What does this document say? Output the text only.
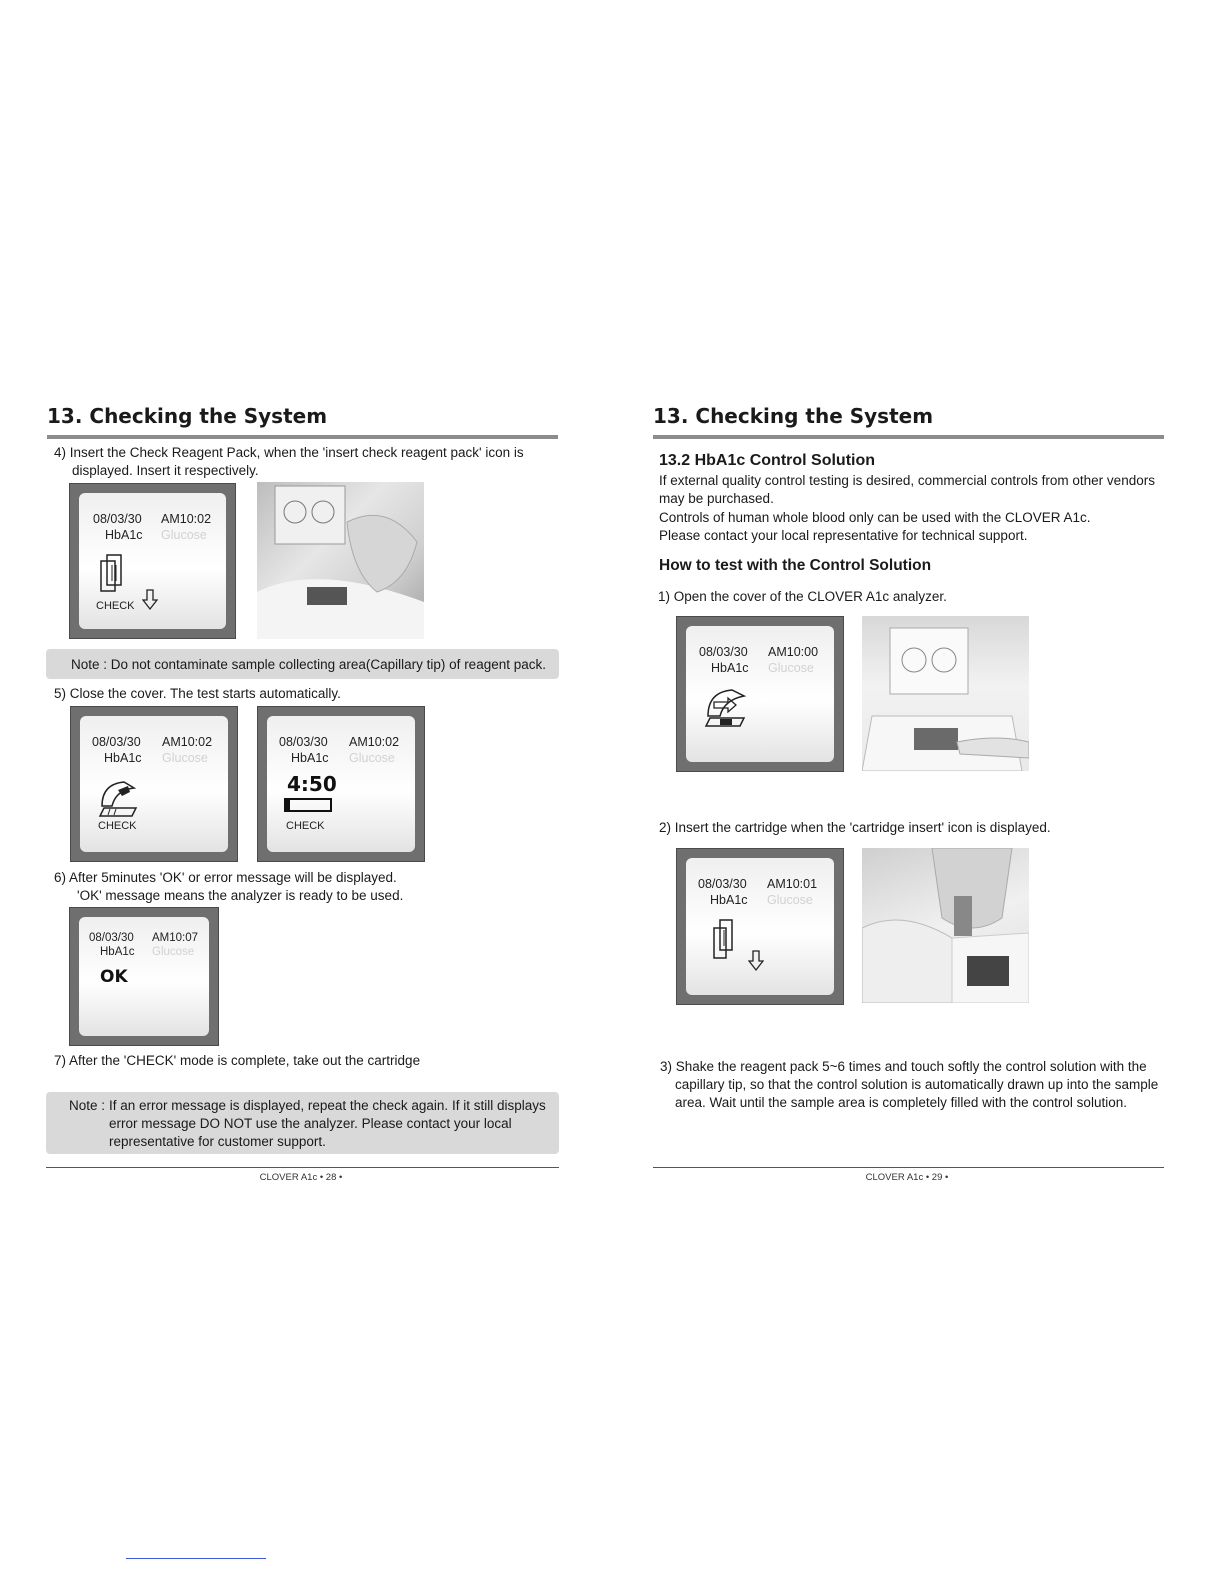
13. Checking the System
4) Insert the Check Reagent Pack, when the 'insert check reagent pack' icon is
displayed. Insert it respectively.
08/03/30 AM10:02
HbA1c Glucose
CHECK
Note : Do not contaminate sample collecting area(Capillary tip) of reagent pack.
5) Close the cover. The test starts automatically.
08/03/30 AM10:02
HbA1c Glucose
CHECK
08/03/30 AM10:02
HbA1c Glucose
4:50
CHECK
6) After 5minutes 'OK' or error message will be displayed.
'OK' message means the analyzer is ready to be used.
08/03/30 AM10:07
HbA1c Glucose
OK
7) After the 'CHECK' mode is complete, take out the cartridge
Note : If an error message is displayed, repeat the check again. If it still displays
error message DO NOT use the analyzer. Please contact your local
representative for customer support.
CLOVER A1c • 28 •
13. Checking the System
13.2 HbA1c Control Solution
If external quality control testing is desired, commercial controls from other vendors
may be purchased.
Controls of human whole blood only can be used with the CLOVER A1c.
Please contact your local representative for technical support.
How to test with the Control Solution
1) Open the cover of the CLOVER A1c analyzer.
08/03/30 AM10:00
HbA1c Glucose
2) Insert the cartridge when the 'cartridge insert' icon is displayed.
08/03/30 AM10:01
HbA1c Glucose
3) Shake the reagent pack 5~6 times and touch softly the control solution with the
capillary tip, so that the control solution is automatically drawn up into the sample
area. Wait until the sample area is completely filled with the control solution.
CLOVER A1c • 29 •
